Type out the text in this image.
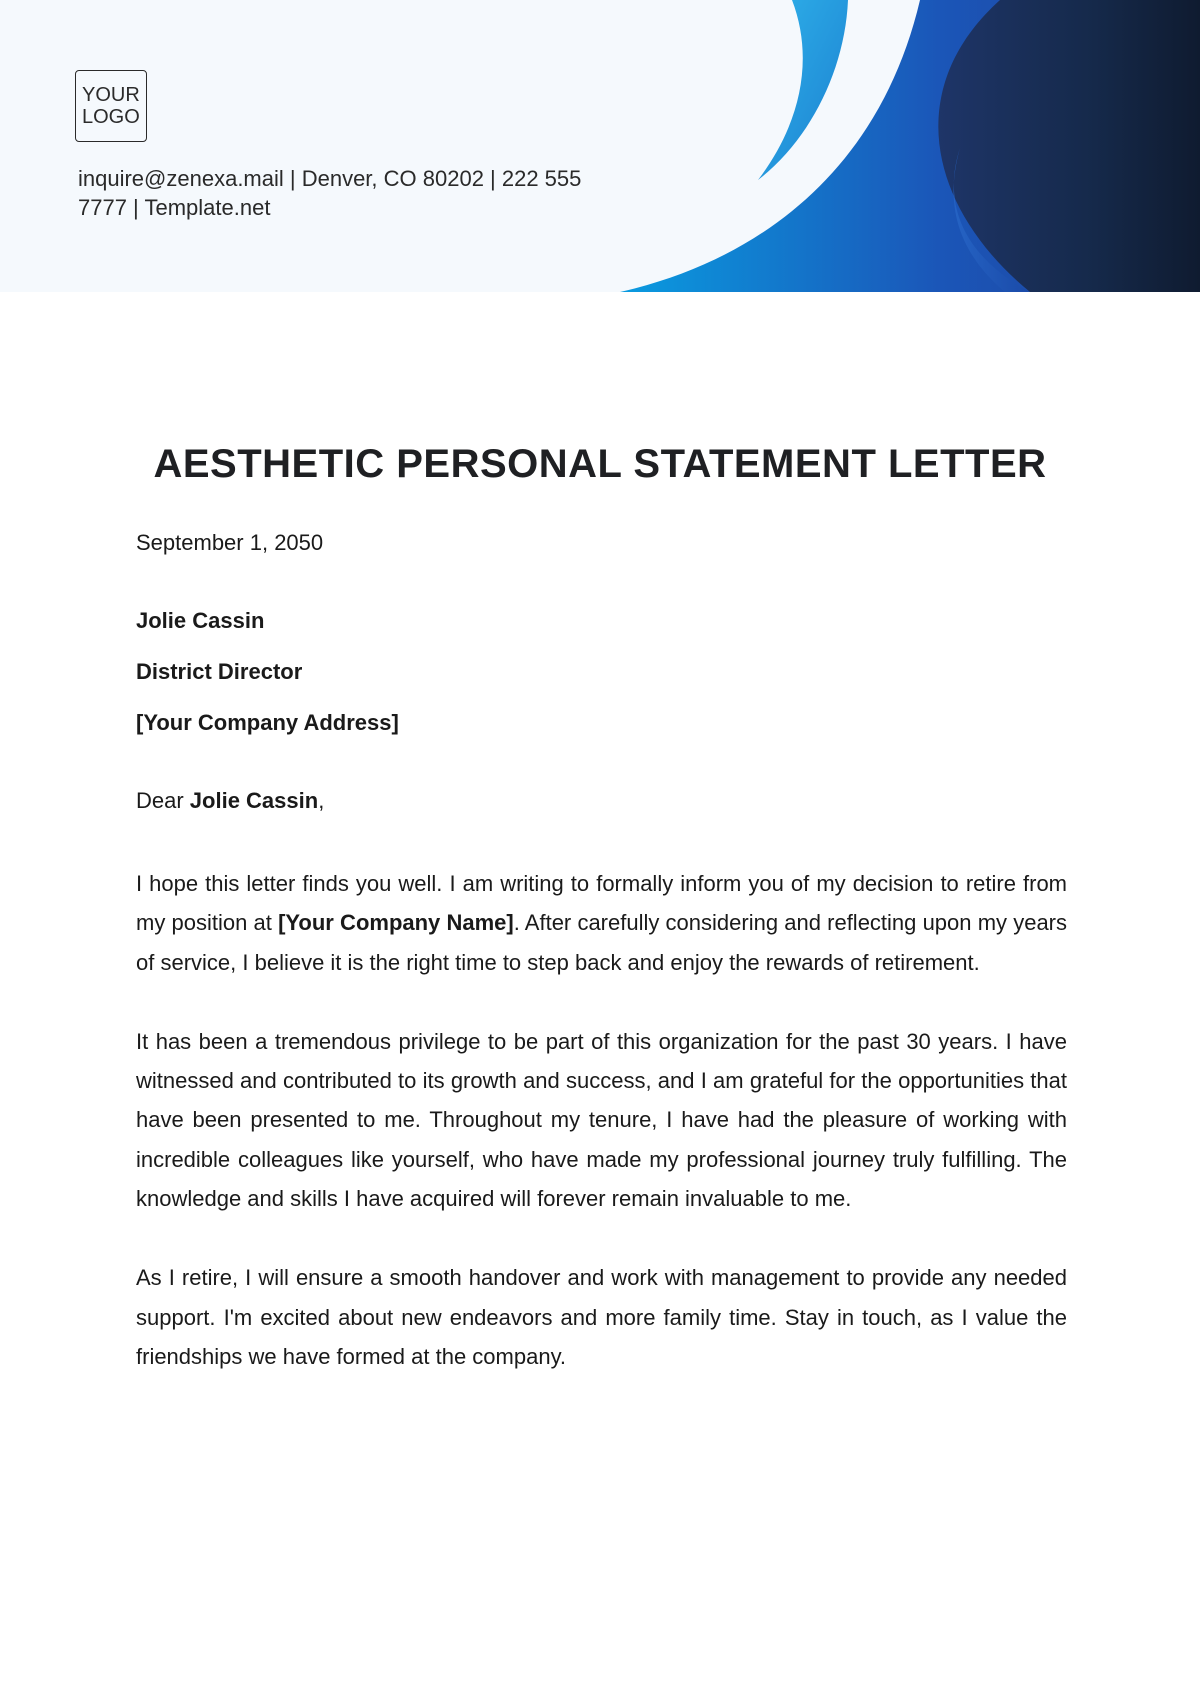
YOUR
LOGO
inquire@zenexa.mail | Denver, CO 80202 | 222 555
7777 | Template.net
AESTHETIC PERSONAL STATEMENT LETTER

September 1, 2050

Jolie Cassin

District Director

[Your Company Address]

Dear Jolie Cassin,

I hope this letter finds you well. I am writing to formally inform you of my decision to retire from my position at [Your Company Name]. After carefully considering and reflecting upon my years of service, I believe it is the right time to step back and enjoy the rewards of retirement.

It has been a tremendous privilege to be part of this organization for the past 30 years. I have witnessed and contributed to its growth and success, and I am grateful for the opportunities that have been presented to me. Throughout my tenure, I have had the pleasure of working with incredible colleagues like yourself, who have made my professional journey truly fulfilling. The knowledge and skills I have acquired will forever remain invaluable to me.

As I retire, I will ensure a smooth handover and work with management to provide any needed support. I'm excited about new endeavors and more family time. Stay in touch, as I value the friendships we have formed at the company.
